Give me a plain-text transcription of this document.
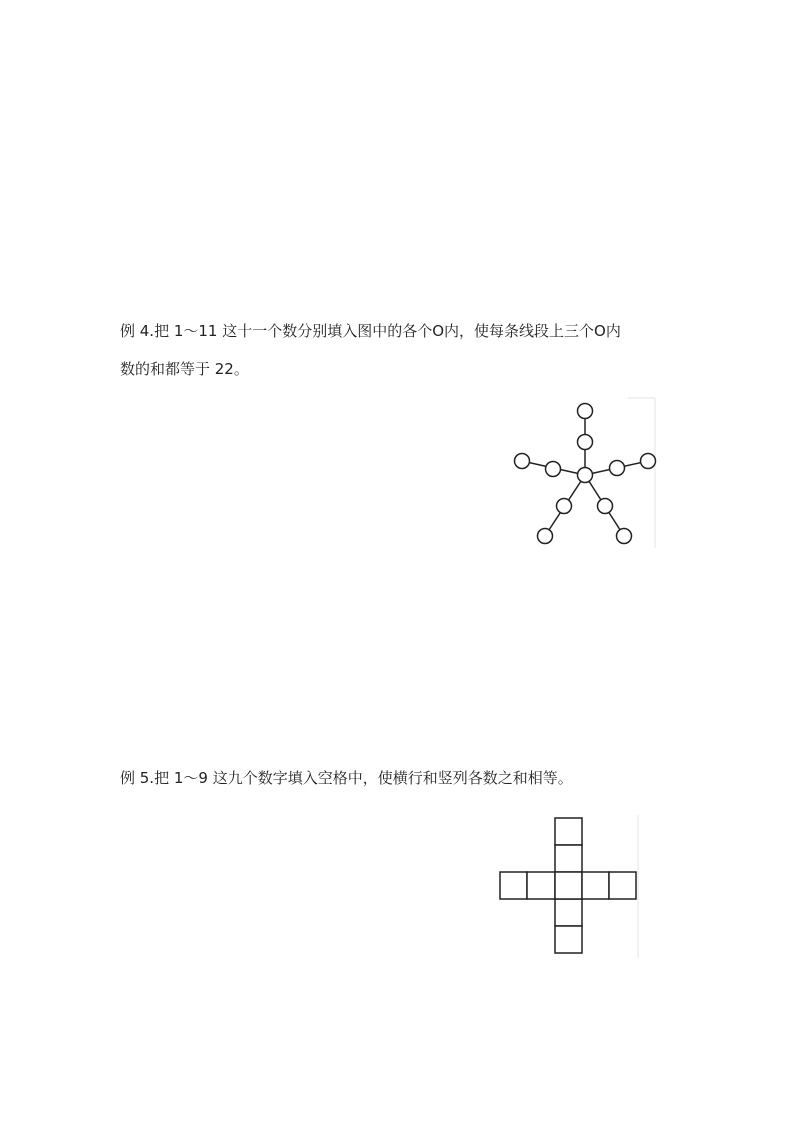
例 4.把 1～11 这十一个数分别填入图中的各个O内，使每条线段上三个O内
数的和都等于 22。
例 5.把 1～9 这九个数字填入空格中，使横行和竖列各数之和相等。
